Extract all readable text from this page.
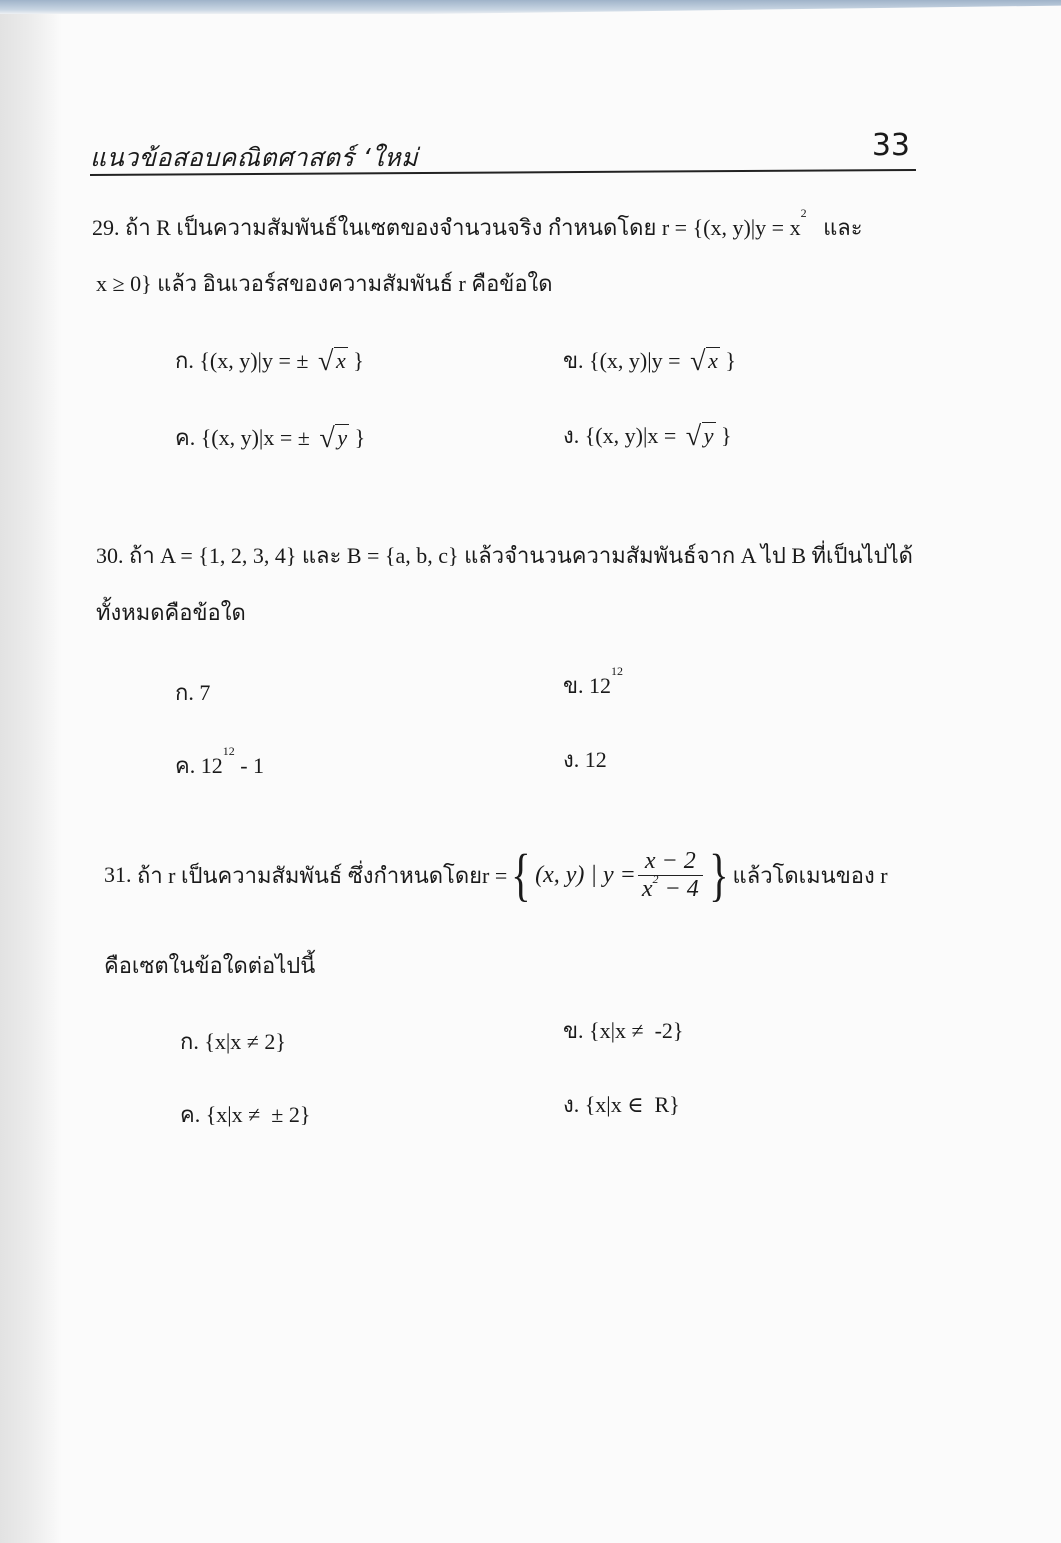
แนวข้อสอบคณิตศาสตร์ ‘ใหม่	33
29. ถ้า R เป็นความสัมพันธ์ในเซตของจำนวนจริง กำหนดโดย r = {(x, $y)|y = x^2$   และ
x ≥ 0} แล้ว อินเวอร์สของความสัมพันธ์ r คือข้อใด
ก. {(x, y)|y = ± √ x }	ข. {(x, y)|y = √ x }
ค. {(x, y)|x = ± √ y }	ง. {(x, y)|x = √ y }
30. ถ้า A = {1, 2, 3, 4} และ B = {a, b, c} แล้วจำนวนความสัมพันธ์จาก A ไป B ที่เป็นไปได้
ทั้งหมดคือข้อใด
ก. 7	ข. $12^{12}$
ค. $12^{12} - 1$	ง. 12
31.
ถ้า r เป็นความสัมพันธ์ ซึ่งกำหนดโดยr = { (x, y) | $y = \frac{x - 2}{x^2 - 4}$ } แล้วโดเมนของ r
คือเซตในข้อใดต่อไปนี้
ก. {x|x ≠ 2}	ข. {x|x ≠  -2}
ค. {x|x ≠  ± 2}	ง. {x|x ∈  R}
